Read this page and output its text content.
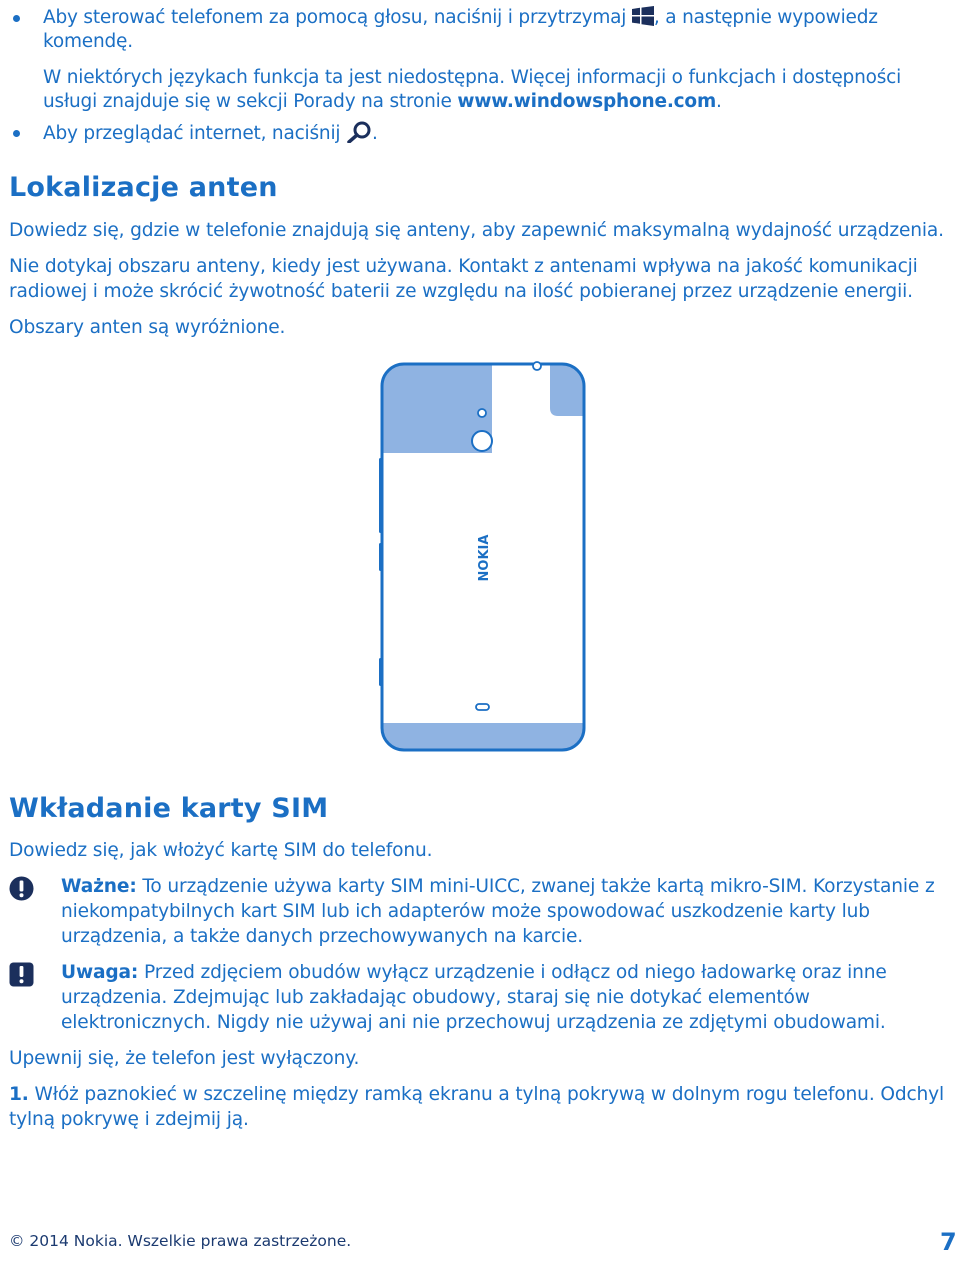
Aby sterować telefonem za pomocą głosu, naciśnij i przytrzymaj , a następnie wypowiedz
komendę.
W niektórych językach funkcja ta jest niedostępna. Więcej informacji o funkcjach i dostępności
usługi znajduje się w sekcji Porady na stronie www.windowsphone.com.
Aby przeglądać internet, naciśnij .
Lokalizacje anten
Dowiedz się, gdzie w telefonie znajdują się anteny, aby zapewnić maksymalną wydajność urządzenia.
Nie dotykaj obszaru anteny, kiedy jest używana. Kontakt z antenami wpływa na jakość komunikacji
radiowej i może skrócić żywotność baterii ze względu na ilość pobieranej przez urządzenie energii.
Obszary anten są wyróżnione.
NOKIA
Wkładanie karty SIM
Dowiedz się, jak włożyć kartę SIM do telefonu.
Ważne: To urządzenie używa karty SIM mini-UICC, zwanej także kartą mikro-SIM. Korzystanie z
niekompatybilnych kart SIM lub ich adapterów może spowodować uszkodzenie karty lub
urządzenia, a także danych przechowywanych na karcie.
Uwaga: Przed zdjęciem obudów wyłącz urządzenie i odłącz od niego ładowarkę oraz inne
urządzenia. Zdejmując lub zakładając obudowy, staraj się nie dotykać elementów
elektronicznych. Nigdy nie używaj ani nie przechowuj urządzenia ze zdjętymi obudowami.
Upewnij się, że telefon jest wyłączony.
1. Włóż paznokieć w szczelinę między ramką ekranu a tylną pokrywą w dolnym rogu telefonu. Odchyl
tylną pokrywę i zdejmij ją.
© 2014 Nokia. Wszelkie prawa zastrzeżone.	7
